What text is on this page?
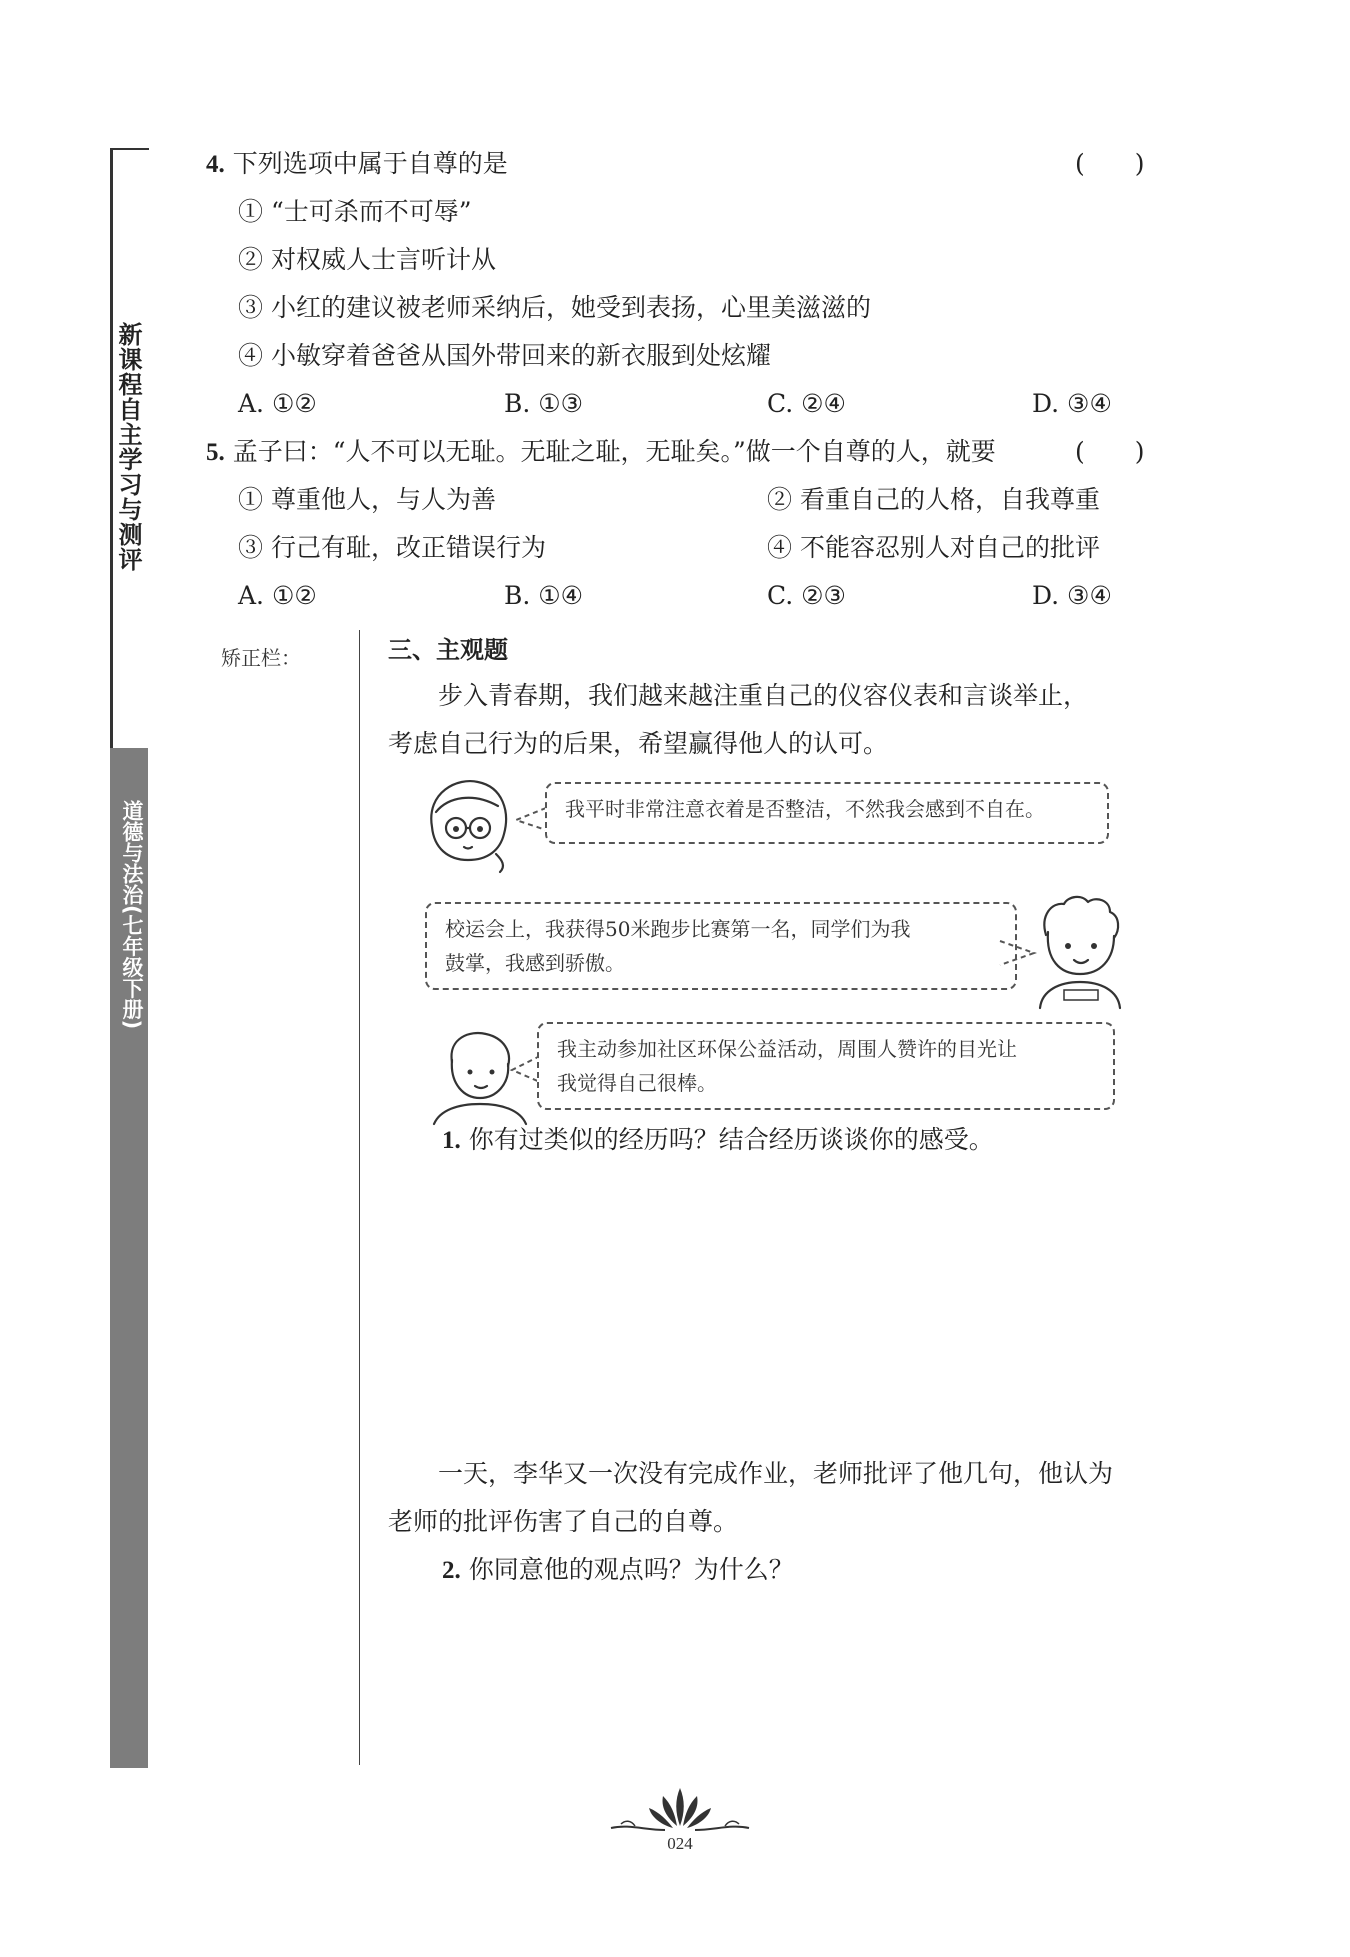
新课程自主学习与测评
道德与法治(七年级下册)
矫正栏：
4. 下列选项中属于自尊的是	(　　)
① “士可杀而不可辱”
② 对权威人士言听计从
③ 小红的建议被老师采纳后，她受到表扬，心里美滋滋的
④ 小敏穿着爸爸从国外带回来的新衣服到处炫耀
A. ①②	B. ①③	C. ②④	D. ③④
5. 孟子曰：“人不可以无耻。无耻之耻，无耻矣。”做一个自尊的人，就要	(　　)
① 尊重他人，与人为善	② 看重自己的人格，自我尊重
③ 行己有耻，改正错误行为	④ 不能容忍别人对自己的批评
A. ①②	B. ①④	C. ②③	D. ③④
三、主观题
步入青春期，我们越来越注重自己的仪容仪表和言谈举止，
考虑自己行为的后果，希望赢得他人的认可。
我平时非常注意衣着是否整洁，不然我会感到不自在。
校运会上，我获得50米跑步比赛第一名，同学们为我
鼓掌，我感到骄傲。
我主动参加社区环保公益活动，周围人赞许的目光让
我觉得自己很棒。
1. 你有过类似的经历吗？结合经历谈谈你的感受。
一天，李华又一次没有完成作业，老师批评了他几句，他认为
老师的批评伤害了自己的自尊。
2. 你同意他的观点吗？为什么？
024
